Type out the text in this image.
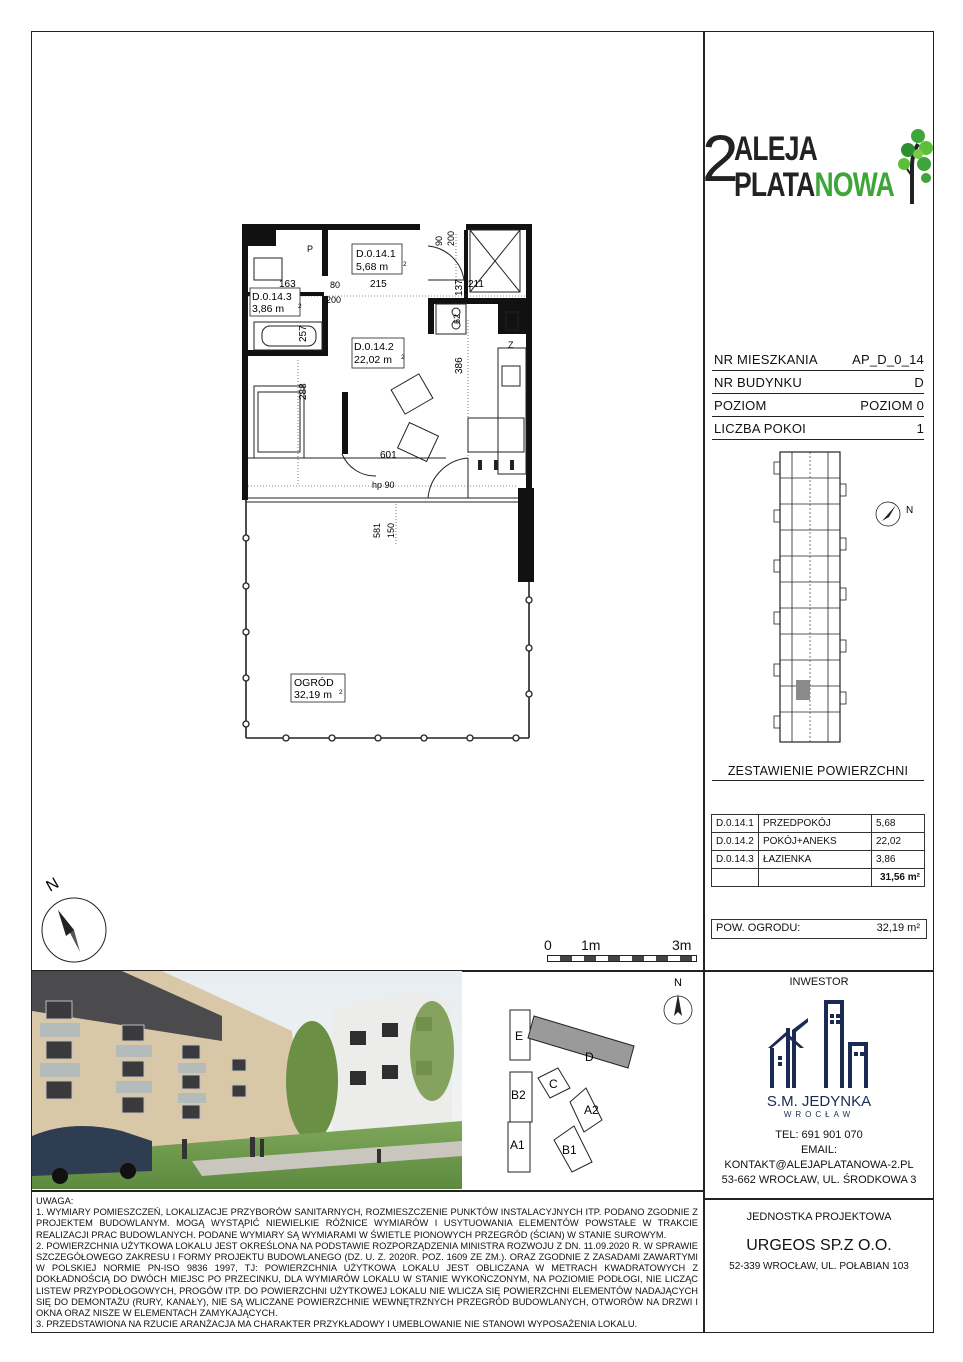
2
ALEJA
PLATANOWA
NR MIESZKANIA	AP_D_0_14
NR BUDYNKU	D
POZIOM	POZIOM 0
LICZBA POKOI	1
N
ZESTAWIENIE POWIERZCHNI
D.0.14.1	PRZEDPOKÓJ	5,68
D.0.14.2	POKÓJ+ANEKS	22,02
D.0.14.3	ŁAZIENKA	3,86
		31,56 m²
POW. OGRODU:	32,19 m²
D.0.14.1
5,68 m 2
D.0.14.3
3,86 m 2
D.0.14.2
22,02 m 2
OGRÓD
32,19 m 2
163	80	215
200
137 211
90 200
257
62
386
288
601
hp 90
581 150
P
Z
N
0 1m	3m
N
E
D
C
B2
A2
A1	B1
INWESTOR
S.M. JEDYNKA
WROCŁAW
TEL: 691 901 070
EMAIL:
KONTAKT@ALEJAPLATANOWA-2.PL
53-662 WROCŁAW, UL. ŚRODKOWA 3
JEDNOSTKA PROJEKTOWA
URGEOS SP.Z O.O.
52-339 WROCŁAW, UL. POŁABIAN 103
UWAGA:
1. WYMIARY POMIESZCZEŃ, LOKALIZACJE PRZYBORÓW SANITARNYCH, ROZMIESZCZENIE PUNKTÓW INSTALACYJNYCH ITP. PODANO ZGODNIE Z PROJEKTEM BUDOWLANYM. MOGĄ WYSTĄPIĆ NIEWIELKIE RÓŻNICE WYMIARÓW I USYTUOWANIA ELEMENTÓW POWSTAŁE W TRAKCIE REALIZACJI PRAC BUDOWLANYCH. PODANE WYMIARY SĄ WYMIARAMI W ŚWIETLE PIONOWYCH PRZEGRÓD (ŚCIAN) W STANIE SUROWYM.
2. POWIERZCHNIA UŻYTKOWA LOKALU JEST OKREŚLONA NA PODSTAWIE ROZPORZĄDZENIA MINISTRA ROZWOJU Z DN. 11.09.2020 R. W SPRAWIE SZCZEGÓŁOWEGO ZAKRESU I FORMY PROJEKTU BUDOWLANEGO (DZ. U. Z. 2020R. POZ. 1609 ZE ZM.). ORAZ ZGODNIE Z ZASADAMI ZAWARTYMI W POLSKIEJ NORMIE PN-ISO 9836 1997, TJ: POWIERZCHNIA UŻYTKOWA LOKALU JEST OBLICZANA W METRACH KWADRATOWYCH Z DOKŁADNOŚCIĄ DO DWÓCH MIEJSC PO PRZECINKU, DLA WYMIARÓW LOKALU W STANIE WYKOŃCZONYM, NA POZIOMIE PODŁOGI, NIE LICZĄC LISTEW PRZYPODŁOGOWYCH, PROGÓW ITP. DO POWIERZCHNI UŻYTKOWEJ LOKALU NIE WLICZA SIĘ POWIERZCHNI ELEMENTÓW NADAJĄCYCH SIĘ DO DEMONTAŻU (RURY, KANAŁY), NIE SĄ WLICZANE POWIERZCHNIE WEWNĘTRZNYCH PRZEGRÓD BUDOWLANYCH, OTWORÓW NA DRZWI I OKNA ORAZ NISZE W ELEMENTACH ZAMYKAJĄCYCH.
3. PRZEDSTAWIONA NA RZUCIE ARANŻACJA MA CHARAKTER PRZYKŁADOWY I UMEBLOWANIE NIE STANOWI WYPOSAŻENIA LOKALU.
